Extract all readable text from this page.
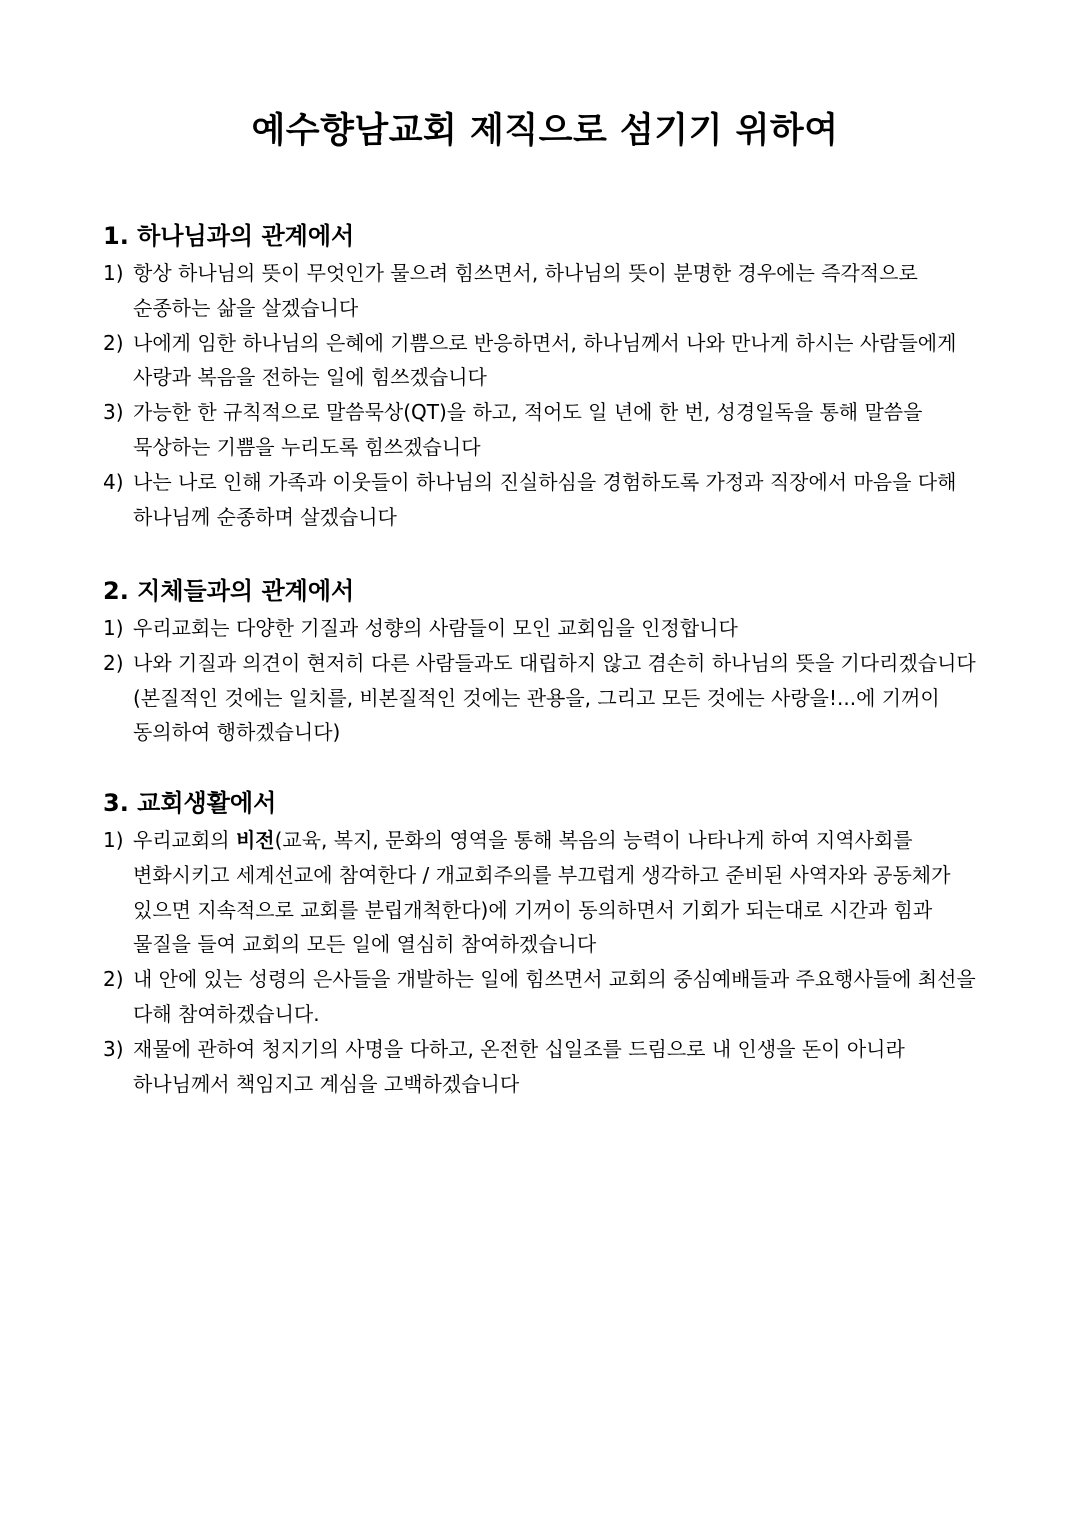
예수향남교회 제직으로 섬기기 위하여
1. 하나님과의 관계에서
1) 항상 하나님의 뜻이 무엇인가 물으려 힘쓰면서, 하나님의 뜻이 분명한 경우에는 즉각적으로 순종하는 삶을 살겠습니다
2) 나에게 임한 하나님의 은혜에 기쁨으로 반응하면서, 하나님께서 나와 만나게 하시는 사람들에게 사랑과 복음을 전하는 일에 힘쓰겠습니다
3) 가능한 한 규칙적으로 말씀묵상(QT)을 하고, 적어도 일 년에 한 번, 성경일독을 통해 말씀을 묵상하는 기쁨을 누리도록 힘쓰겠습니다
4) 나는 나로 인해 가족과 이웃들이 하나님의 진실하심을 경험하도록 가정과 직장에서 마음을 다해 하나님께 순종하며 살겠습니다
2. 지체들과의 관계에서
1) 우리교회는 다양한 기질과 성향의 사람들이 모인 교회임을 인정합니다
2) 나와 기질과 의견이 현저히 다른 사람들과도 대립하지 않고 겸손히 하나님의 뜻을 기다리겠습니다(본질적인 것에는 일치를, 비본질적인 것에는 관용을, 그리고 모든 것에는 사랑을!...에 기꺼이 동의하여 행하겠습니다)
3. 교회생활에서
1) 우리교회의 비전(교육, 복지, 문화의 영역을 통해 복음의 능력이 나타나게 하여 지역사회를 변화시키고 세계선교에 참여한다 / 개교회주의를 부끄럽게 생각하고 준비된 사역자와 공동체가 있으면 지속적으로 교회를 분립개척한다)에 기꺼이 동의하면서 기회가 되는대로 시간과 힘과 물질을 들여 교회의 모든 일에 열심히 참여하겠습니다
2) 내 안에 있는 성령의 은사들을 개발하는 일에 힘쓰면서 교회의 중심예배들과 주요행사들에 최선을 다해 참여하겠습니다.
3) 재물에 관하여 청지기의 사명을 다하고, 온전한 십일조를 드림으로 내 인생을 돈이 아니라 하나님께서 책임지고 계심을 고백하겠습니다
